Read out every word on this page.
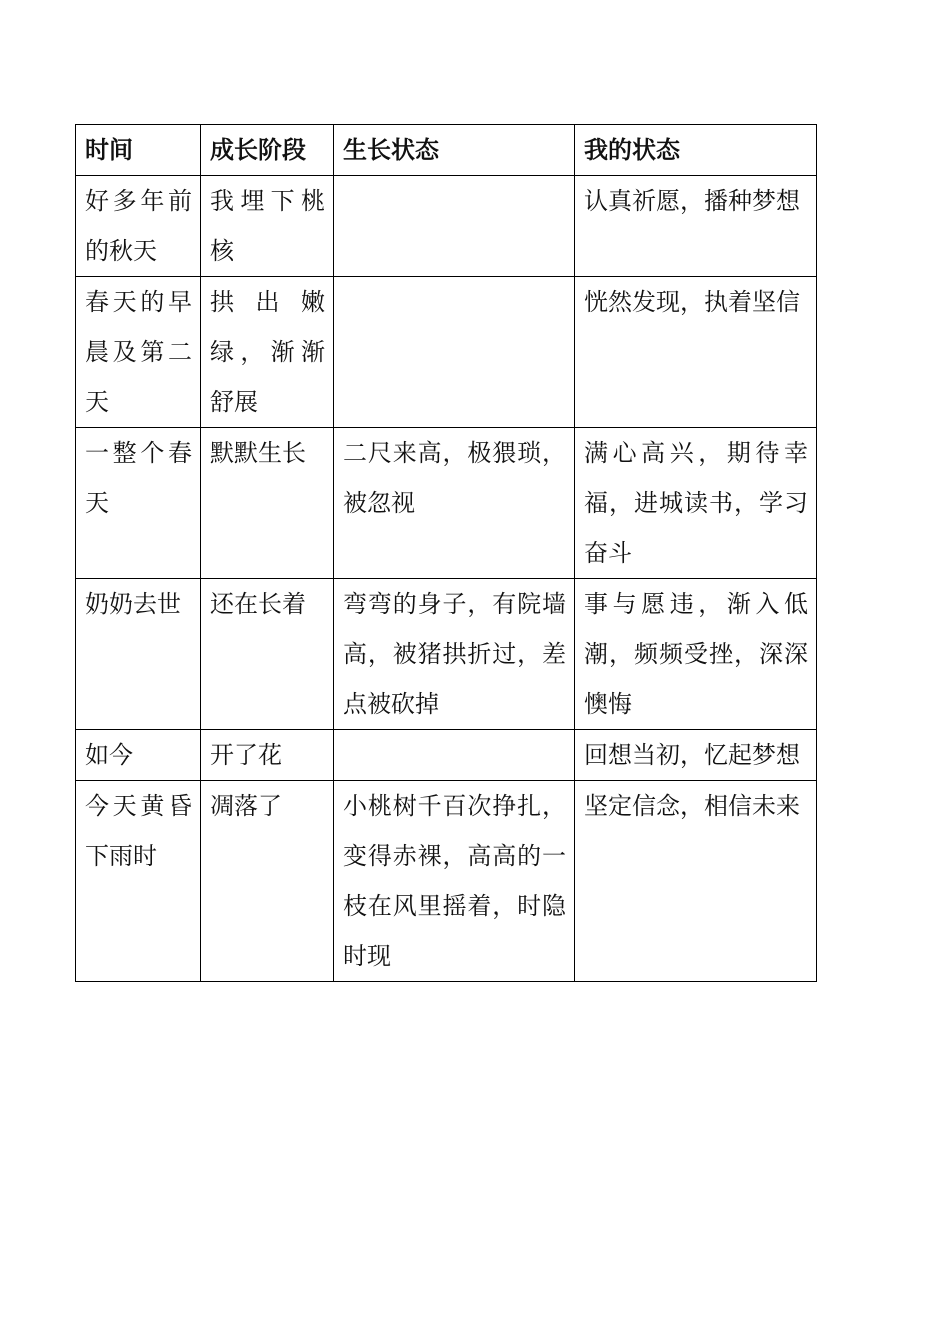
时间	成长阶段	生长状态	我的状态
好多年前的秋天	我埋下桃核		认真祈愿，播种梦想
春天的早晨及第二天	拱出嫩绿，渐渐舒展		恍然发现，执着坚信
一整个春天	默默生长	二尺来高，极猥琐，被忽视	满心高兴，期待幸福，进城读书，学习奋斗
奶奶去世	还在长着	弯弯的身子，有院墙高，被猪拱折过，差点被砍掉	事与愿违，渐入低潮，频频受挫，深深懊悔
如今	开了花		回想当初，忆起梦想
今天黄昏下雨时	凋落了	小桃树千百次挣扎，变得赤裸，高高的一枝在风里摇着，时隐时现	坚定信念，相信未来
